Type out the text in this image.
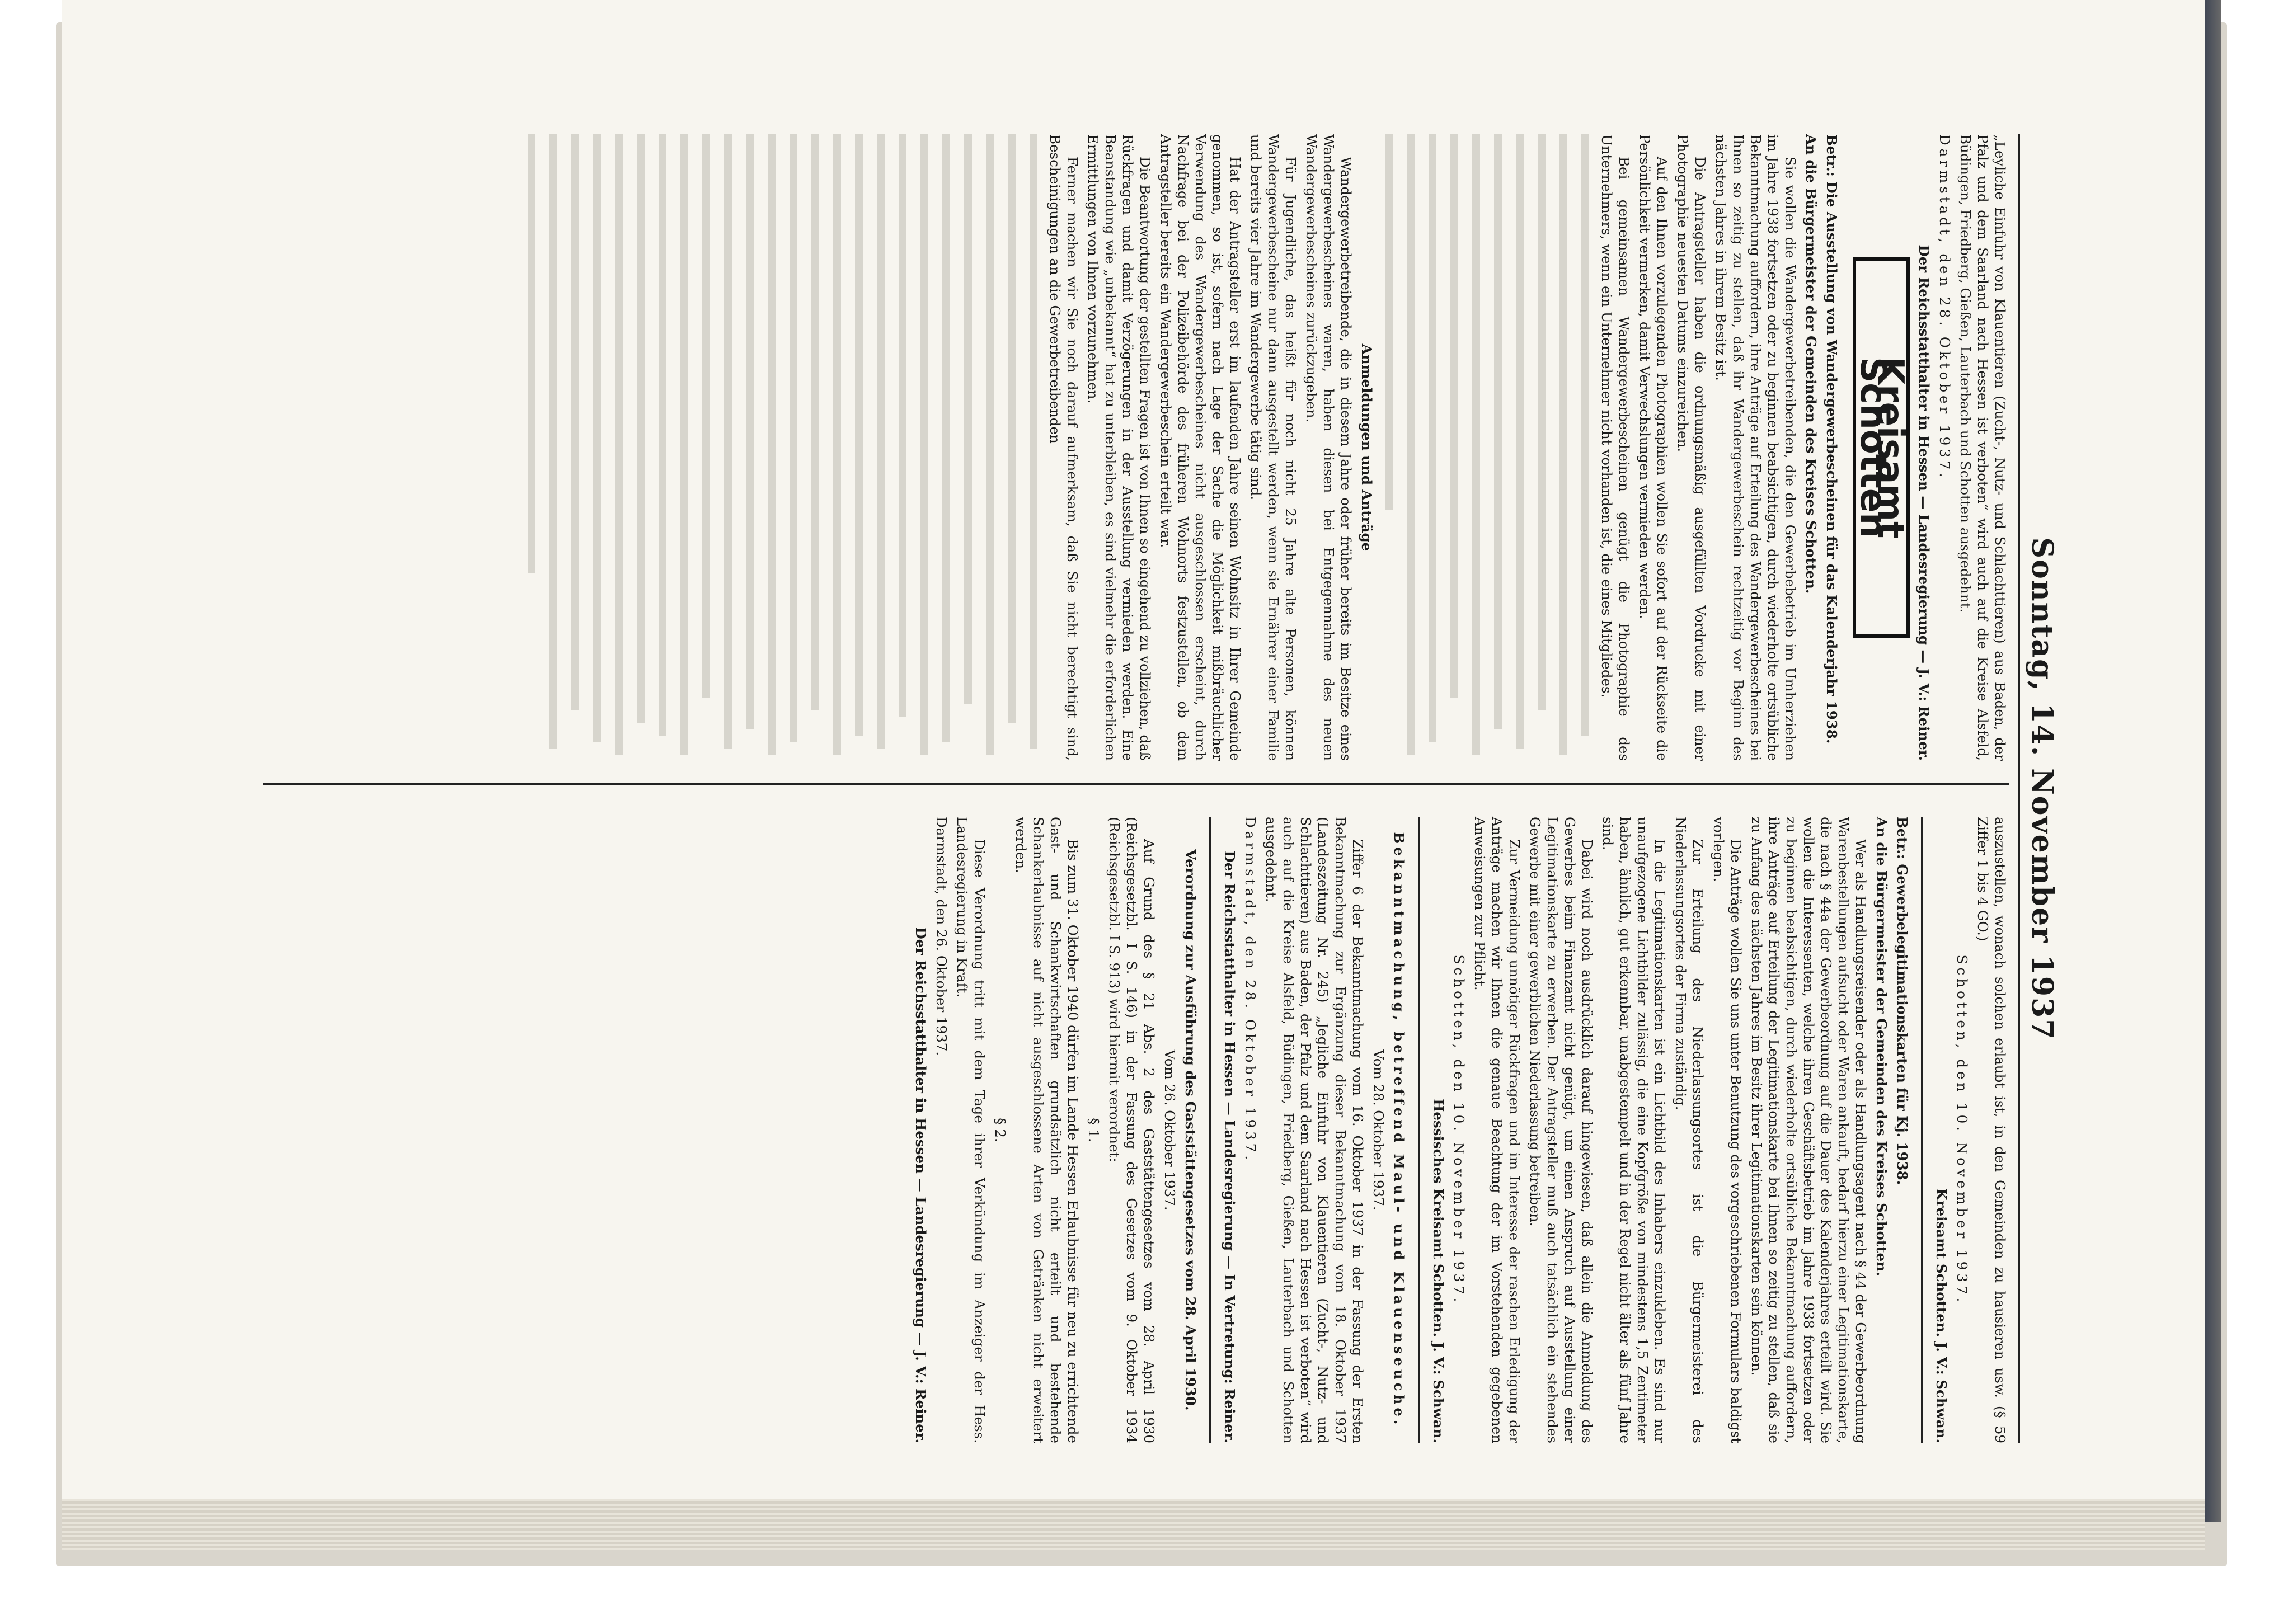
Sonntag, 14. November 1937

„Leyliche Einfuhr von Klauentieren (Zucht-, Nutz- und Schlachttieren) aus Baden, der Pfalz und dem Saarland nach Hessen ist verboten“ wird auch auf die Kreise Alsfeld, Büdingen, Friedberg, Gießen, Lauterbach und Schotten ausgedehnt.

Darmstadt, den 28. Oktober 1937.

Der Reichsstatthalter in Hessen — Landesregierung — J. V.: Reiner.

Kreisamt Schotten

Betr.: Die Ausstellung von Wandergewerbescheinen für das Kalenderjahr 1938.

An die Bürgermeister der Gemeinden des Kreises Schotten.

Sie wollen die Wandergewerbetreibenden, die den Gewerbebetrieb im Umherziehen im Jahre 1938 fortsetzen oder zu beginnen beabsichtigen, durch wiederholte ortsübliche Bekanntmachung auffordern, ihre Anträge auf Erteilung des Wandergewerbescheines bei Ihnen so zeitig zu stellen, daß ihr Wandergewerbeschein rechtzeitig vor Beginn des nächsten Jahres in ihrem Besitz ist.

Die Antragsteller haben die ordnungsmäßig ausgefüllten Vordrucke mit einer Photographie neuesten Datums einzureichen.

Auf den Ihnen vorzulegenden Photographien wollen Sie sofort auf der Rückseite die Persönlichkeit vermerken, damit Verwechslungen vermieden werden.

Bei gemeinsamen Wandergewerbescheinen genügt die Photographie des Unternehmers, wenn ein Unternehmer nicht vorhanden ist, die eines Mitgliedes.

Anmeldungen und Anträge

Wandergewerbetreibende, die in diesem Jahre oder früher bereits im Besitze eines Wandergewerbescheines waren, haben diesen bei Entgegennahme des neuen Wandergewerbescheines zurückzugeben.

Für Jugendliche, das heißt für noch nicht 25 Jahre alte Personen, können Wandergewerbescheine nur dann ausgestellt werden, wenn sie Ernährer einer Familie und bereits vier Jahre im Wandergewerbe tätig sind.

Hat der Antragsteller erst im laufenden Jahre seinen Wohnsitz in Ihrer Gemeinde genommen, so ist, sofern nach Lage der Sache die Möglichkeit mißbräuchlicher Verwendung des Wandergewerbescheines nicht ausgeschlossen erscheint, durch Nachfrage bei der Polizeibehörde des früheren Wohnorts festzustellen, ob dem Antragsteller bereits ein Wandergewerbeschein erteilt war.

Die Beantwortung der gestellten Fragen ist von Ihnen so eingehend zu vollziehen, daß Rückfragen und damit Verzögerungen in der Ausstellung vermieden werden. Eine Beanstandung wie „unbekannt“ hat zu unterbleiben, es sind vielmehr die erforderlichen Ermittlungen von Ihnen vorzunehmen.

Ferner machen wir Sie noch darauf aufmerksam, daß Sie nicht berechtigt sind, Bescheinigungen an die Gewerbetreibenden

auszustellen, wonach solchen erlaubt ist, in den Gemeinden zu hausieren usw. (§ 59 Ziffer 1 bis 4 GO.)

Schotten, den 10. November 1937.

Kreisamt Schotten. J. V.: Schwan.

Betr.: Gewerbelegitimationskarten für Kj. 1938.

An die Bürgermeister der Gemeinden des Kreises Schotten.

Wer als Handlungsreisender oder als Handlungsagent nach § 44 der Gewerbeordnung Warenbestellungen aufsucht oder Waren ankauft, bedarf hierzu einer Legitimationskarte, die nach § 44a der Gewerbeordnung auf die Dauer des Kalenderjahres erteilt wird. Sie wollen die Interessenten, welche ihren Geschäftsbetrieb im Jahre 1938 fortsetzen oder zu beginnen beabsichtigen, durch wiederholte ortsübliche Bekanntmachung auffordern, ihre Anträge auf Erteilung der Legitimationskarte bei Ihnen so zeitig zu stellen, daß sie zu Anfang des nächsten Jahres im Besitz ihrer Legitimationskarten sein können.

Die Anträge wollen Sie uns unter Benutzung des vorgeschriebenen Formulars baldigst vorlegen.

Zur Erteilung des Niederlassungsortes ist die Bürgermeisterei des Niederlassungsortes der Firma zuständig.

In die Legitimationskarten ist ein Lichtbild des Inhabers einzukleben. Es sind nur unaufgezogene Lichtbilder zulässig, die eine Kopfgröße von mindestens 1,5 Zentimeter haben, ähnlich, gut erkennbar, unabgestempelt und in der Regel nicht älter als fünf Jahre sind.

Dabei wird noch ausdrücklich darauf hingewiesen, daß allein die Anmeldung des Gewerbes beim Finanzamt nicht genügt, um einen Anspruch auf Ausstellung einer Legitimationskarte zu erwerben. Der Antragsteller muß auch tatsächlich ein stehendes Gewerbe mit einer gewerblichen Niederlassung betreiben.

Zur Vermeidung unnötiger Rückfragen und im Interesse der raschen Erledigung der Anträge machen wir Ihnen die genaue Beachtung der im Vorstehenden gegebenen Anweisungen zur Pflicht.

Schotten, den 10. November 1937.

Hessisches Kreisamt Schotten. J. V.: Schwan.

Bekanntmachung, betreffend Maul- und Klauenseuche.

Vom 28. Oktober 1937.

Ziffer 6 der Bekanntmachung vom 16. Oktober 1937 in der Fassung der Ersten Bekanntmachung zur Ergänzung dieser Bekanntmachung vom 18. Oktober 1937 (Landeszeitung Nr. 245) „Jegliche Einfuhr von Klauentieren (Zucht-, Nutz- und Schlachttieren) aus Baden, der Pfalz und dem Saarland nach Hessen ist verboten“ wird auch auf die Kreise Alsfeld, Büdingen, Friedberg, Gießen, Lauterbach und Schotten ausgedehnt.

Darmstadt, den 28. Oktober 1937.

Der Reichsstatthalter in Hessen — Landesregierung — In Vertretung: Reiner.

Verordnung zur Ausführung des Gaststättengesetzes vom 28. April 1930.

Vom 26. Oktober 1937.

Auf Grund des § 21 Abs. 2 des Gaststättengesetzes vom 28. April 1930 (Reichsgesetzbl. I S. 146) in der Fassung des Gesetzes vom 9. Oktober 1934 (Reichsgesetzbl. I S. 913) wird hiermit verordnet:

§ 1.

Bis zum 31. Oktober 1940 dürfen im Lande Hessen Erlaubnisse für neu zu errichtende Gast- und Schankwirtschaften grundsätzlich nicht erteilt und bestehende Schankerlaubnisse auf nicht ausgeschlossene Arten von Getränken nicht erweitert werden.

§ 2.

Diese Verordnung tritt mit dem Tage ihrer Verkündung im Anzeiger der Hess. Landesregierung in Kraft.

Darmstadt, den 26. Oktober 1937.

Der Reichsstatthalter in Hessen — Landesregierung — J. V.: Reiner.
